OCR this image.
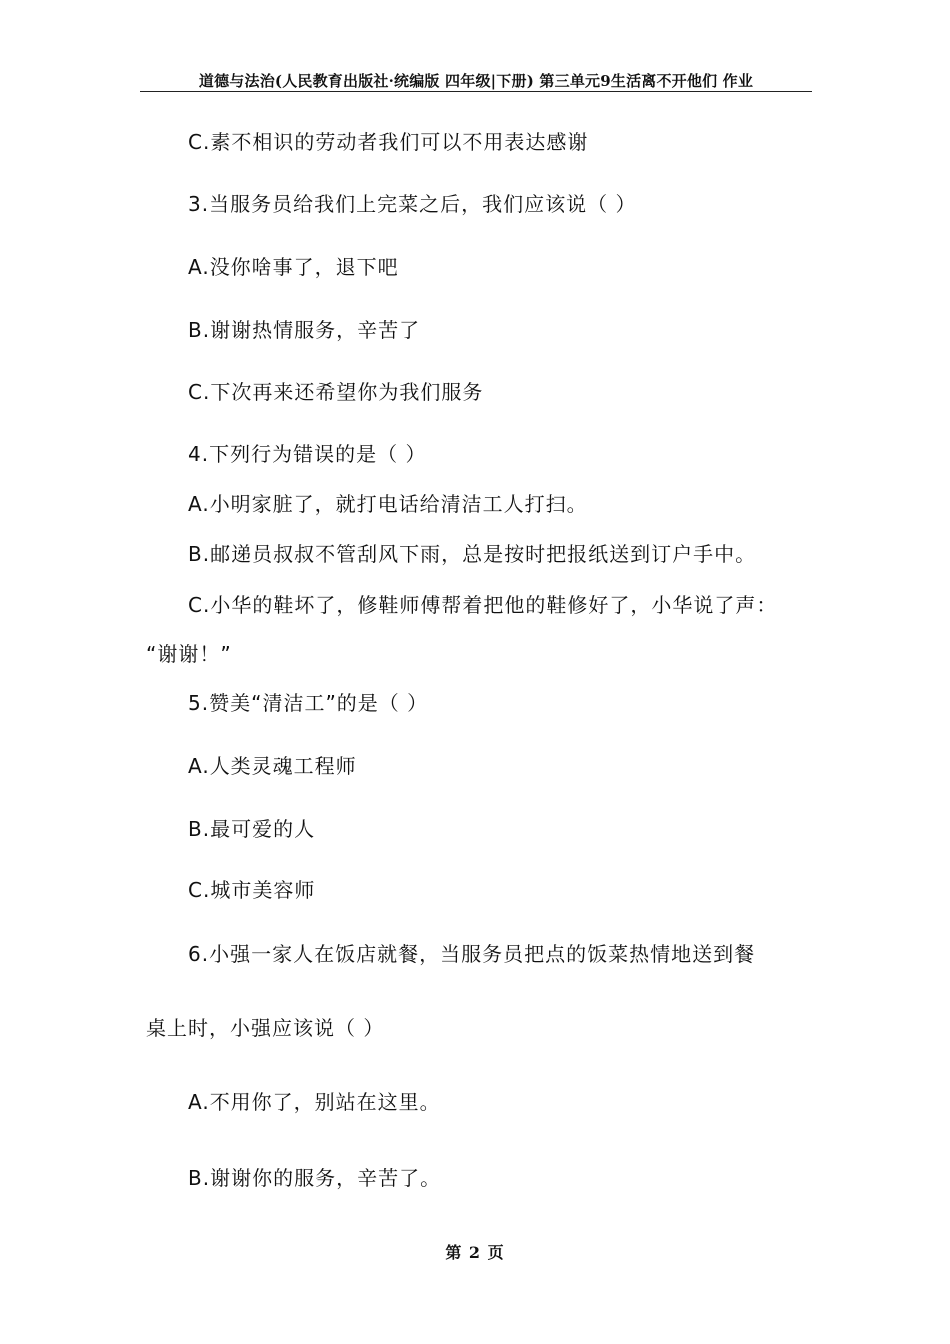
道德与法治(人民教育出版社·统编版 四年级|下册) 第三单元9生活离不开他们 作业
C.素不相识的劳动者我们可以不用表达感谢
3.当服务员给我们上完菜之后，我们应该说（ ）
A.没你啥事了，退下吧
B.谢谢热情服务，辛苦了
C.下次再来还希望你为我们服务
4.下列行为错误的是（ ）
A.小明家脏了，就打电话给清洁工人打扫。
B.邮递员叔叔不管刮风下雨，总是按时把报纸送到订户手中。
C.小华的鞋坏了，修鞋师傅帮着把他的鞋修好了，小华说了声：
“谢谢！”
5.赞美“清洁工”的是（ ）
A.人类灵魂工程师
B.最可爱的人
C.城市美容师
6.小强一家人在饭店就餐，当服务员把点的饭菜热情地送到餐
桌上时，小强应该说（ ）
A.不用你了，别站在这里。
B.谢谢你的服务，辛苦了。
第 2 页
